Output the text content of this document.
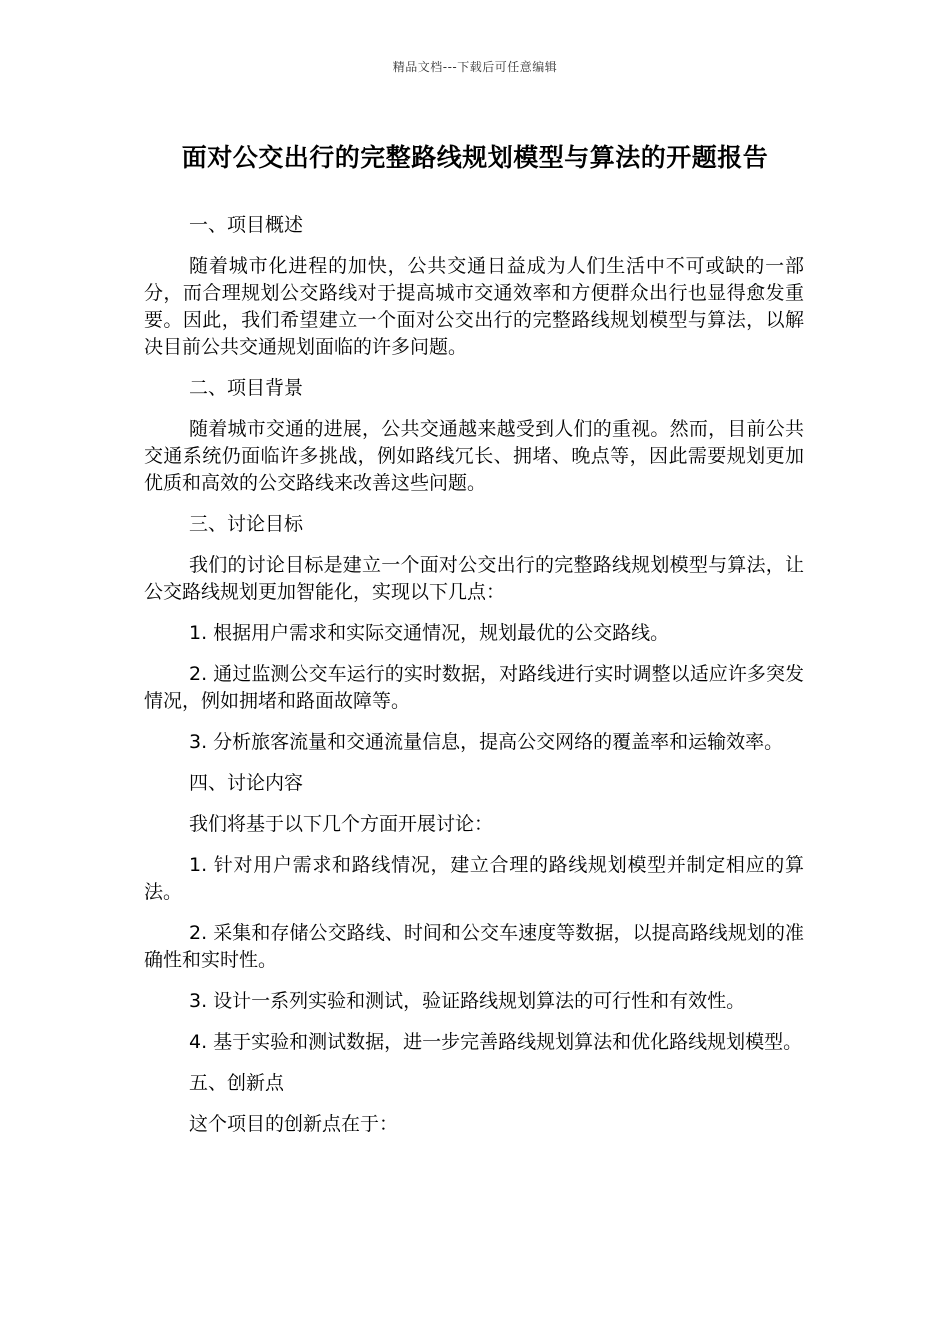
精品文档---下载后可任意编辑
面对公交出行的完整路线规划模型与算法的开题报告

一、项目概述

随着城市化进程的加快，公共交通日益成为人们生活中不可或缺的一部分，而合理规划公交路线对于提高城市交通效率和方便群众出行也显得愈发重要。因此，我们希望建立一个面对公交出行的完整路线规划模型与算法，以解决目前公共交通规划面临的许多问题。

二、项目背景

随着城市交通的进展，公共交通越来越受到人们的重视。然而，目前公共交通系统仍面临许多挑战，例如路线冗长、拥堵、晚点等，因此需要规划更加优质和高效的公交路线来改善这些问题。

三、讨论目标

我们的讨论目标是建立一个面对公交出行的完整路线规划模型与算法，让公交路线规划更加智能化，实现以下几点：

1. 根据用户需求和实际交通情况，规划最优的公交路线。

2. 通过监测公交车运行的实时数据，对路线进行实时调整以适应许多突发情况，例如拥堵和路面故障等。

3. 分析旅客流量和交通流量信息，提高公交网络的覆盖率和运输效率。

四、讨论内容

我们将基于以下几个方面开展讨论：

1. 针对用户需求和路线情况，建立合理的路线规划模型并制定相应的算法。

2. 采集和存储公交路线、时间和公交车速度等数据，以提高路线规划的准确性和实时性。

3. 设计一系列实验和测试，验证路线规划算法的可行性和有效性。

4. 基于实验和测试数据，进一步完善路线规划算法和优化路线规划模型。

五、创新点

这个项目的创新点在于：
